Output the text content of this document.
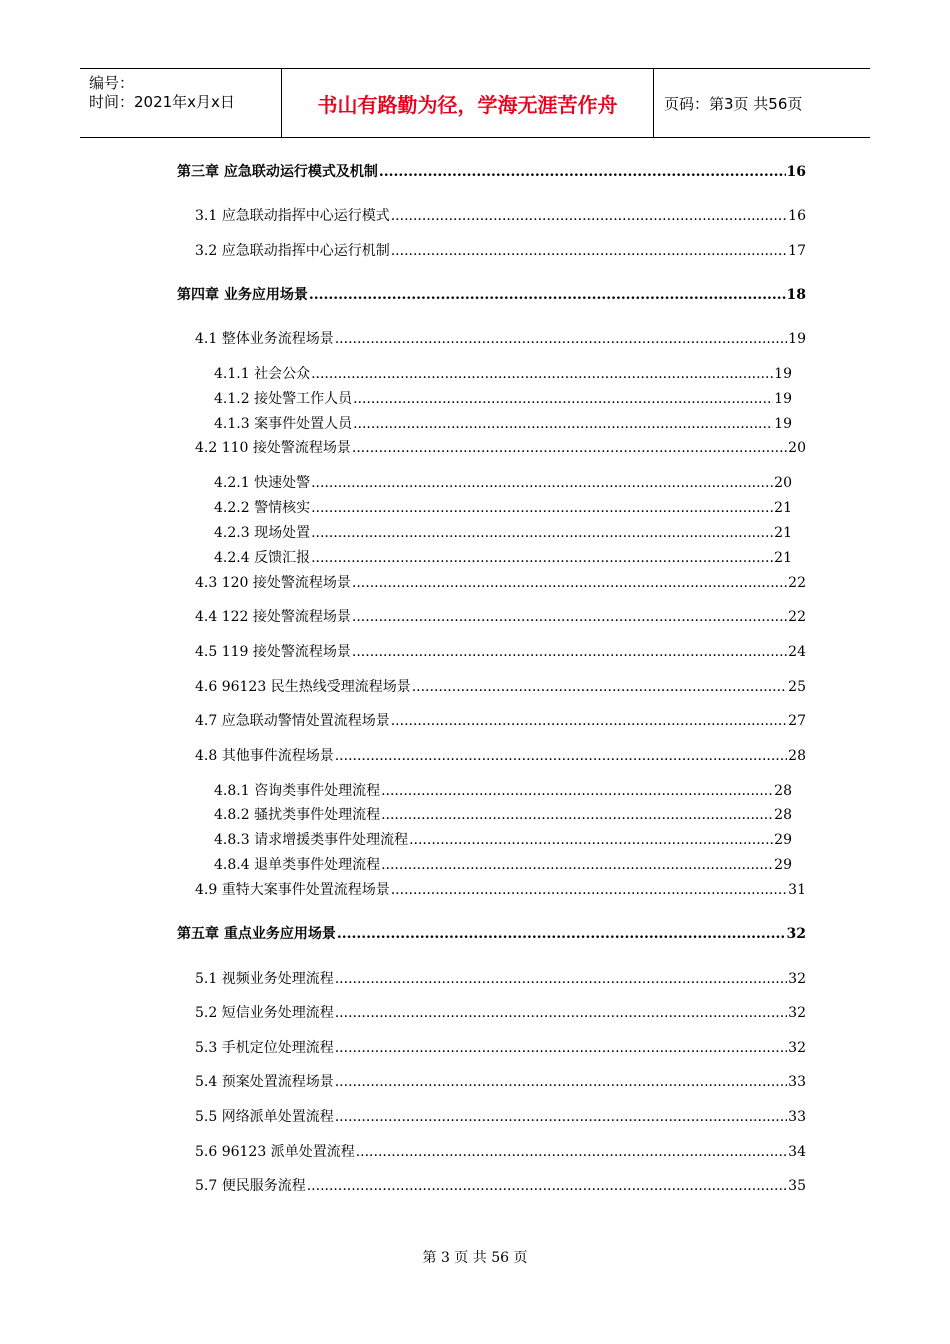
编号：
时间：2021年x月x日	书山有路勤为径，学海无涯苦作舟	页码：第3页 共56页
第三章 应急联动运行模式及机制 .....	16
3.1 应急联动指挥中心运行模式 .....	16
3.2 应急联动指挥中心运行机制 .....	17
第四章 业务应用场景 .....	18
4.1 整体业务流程场景 .....	19
4.1.1 社会公众 .....	19
4.1.2 接处警工作人员 .....	19
4.1.3 案事件处置人员 .....	19
4.2 110 接处警流程场景 .....	20
4.2.1 快速处警 .....	20
4.2.2 警情核实 .....	21
4.2.3 现场处置 .....	21
4.2.4 反馈汇报 .....	21
4.3 120 接处警流程场景 .....	22
4.4 122 接处警流程场景 .....	22
4.5 119 接处警流程场景 .....	24
4.6 96123 民生热线受理流程场景 .....	25
4.7 应急联动警情处置流程场景 .....	27
4.8 其他事件流程场景 .....	28
4.8.1 咨询类事件处理流程 .....	28
4.8.2 骚扰类事件处理流程 .....	28
4.8.3 请求增援类事件处理流程 .....	29
4.8.4 退单类事件处理流程 .....	29
4.9 重特大案事件处置流程场景 .....	31
第五章 重点业务应用场景 .....	32
5.1 视频业务处理流程 .....	32
5.2 短信业务处理流程 .....	32
5.3 手机定位处理流程 .....	32
5.4 预案处置流程场景 .....	33
5.5 网络派单处置流程 .....	33
5.6 96123 派单处置流程 .....	34
5.7 便民服务流程 .....	35
第 3 页 共 56 页
